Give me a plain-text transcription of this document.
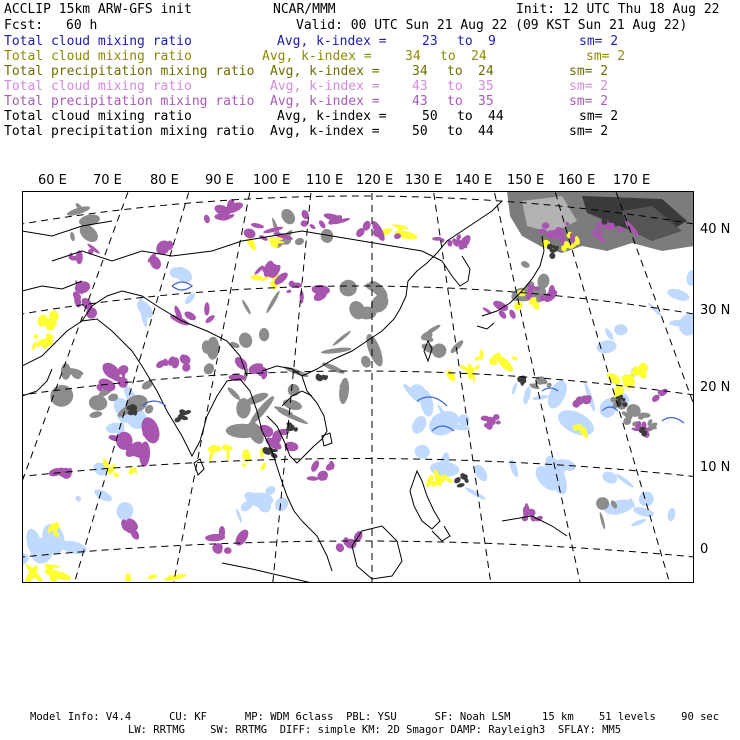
ACCLIP 15km ARW-GFS init	NCAR/MMM	Init: 12 UTC Thu 18 Aug 22
Fcst: 60 h	Valid: 00 UTC Sun 21 Aug 22 (09 KST Sun 21 Aug 22)
Total cloud mixing ratio	Avg, k-index =	23 to 9	sm= 2
Total cloud mixing ratio	Avg, k-index =	34 to 24	sm= 2
Total precipitation mixing ratio Avg, k-index = 34 to 24	sm= 2
Total cloud mixing ratio	Avg, k-index = 43 to 35	sm= 2
Total precipitation mixing ratio Avg, k-index = 43 to 35	sm= 2
Total cloud mixing ratio	Avg, k-index =	50 to 44	sm= 2
Total precipitation mixing ratio Avg, k-index = 50 to 44	sm= 2
60 E 70 E 80 E 90 E 100 E 110 E 120 E 130 E 140 E 150 E 160 E 170 E
40 N
30 N
20 N
10 N
0
Model Info: V4.4      CU: KF      MP: WDM 6class  PBL: YSU      SF: Noah LSM     15 km    51 levels    90 sec
LW: RRTMG    SW: RRTMG  DIFF: simple KM: 2D Smagor DAMP: Rayleigh3  SFLAY: MM5
